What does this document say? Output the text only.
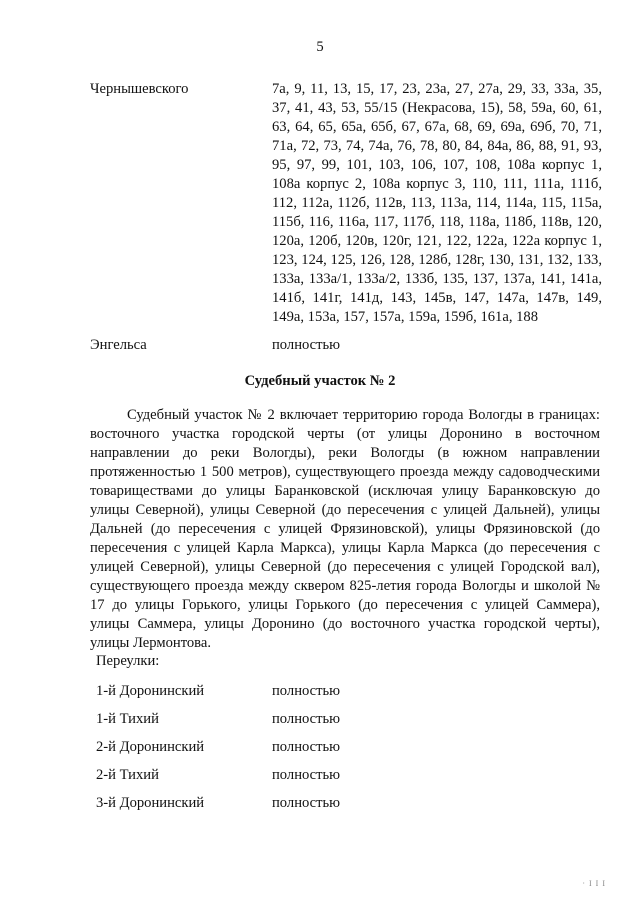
5
Чернышевского	7а, 9, 11, 13, 15, 17, 23, 23а, 27, 27а, 29, 33, 33а, 35, 37, 41, 43, 53, 55/15 (Некрасова, 15), 58, 59а, 60, 61, 63, 64, 65, 65а, 65б, 67, 67а, 68, 69, 69а, 69б, 70, 71, 71а, 72, 73, 74, 74а, 76, 78, 80, 84, 84а, 86, 88, 91, 93, 95, 97, 99, 101, 103, 106, 107, 108, 108а корпус 1, 108а корпус 2, 108а корпус 3, 110, 111, 111а, 111б, 112, 112а, 112б, 112в, 113, 113а, 114, 114а, 115, 115а, 115б, 116, 116а, 117, 117б, 118, 118а, 118б, 118в, 120, 120а, 120б, 120в, 120г, 121, 122, 122а, 122а корпус 1, 123, 124, 125, 126, 128, 128б, 128г, 130, 131, 132, 133, 133а, 133а/1, 133а/2, 133б, 135, 137, 137а, 141, 141а, 141б, 141г, 141д, 143, 145в, 147, 147а, 147в, 149, 149а, 153а, 157, 157а, 159а, 159б, 161а, 188
Энгельса	полностью
Судебный участок № 2
Судебный участок № 2 включает территорию города Вологды в границах: восточного участка городской черты (от улицы Доронино в восточном направлении до реки Вологды), реки Вологды (в южном направлении протяженностью 1 500 метров), существующего проезда между садоводческими товариществами до улицы Баранковской (исключая улицу Баранковскую до улицы Северной), улицы Северной (до пересечения с улицей Дальней), улицы Дальней (до пересечения с улицей Фрязиновской), улицы Фрязиновской (до пересечения с улицей Карла Маркса), улицы Карла Маркса (до пересечения с улицей Северной), улицы Северной (до пересечения с улицей Городской вал), существующего проезда между сквером 825-летия города Вологды и школой № 17 до улицы Горького, улицы Горького (до пересечения с улицей Саммера), улицы Саммера, улицы Доронино (до восточного участка городской черты), улицы Лермонтова.
Переулки:
1-й Доронинский	полностью
1-й Тихий	полностью
2-й Доронинский	полностью
2-й Тихий	полностью
3-й Доронинский	полностью
· I I I
